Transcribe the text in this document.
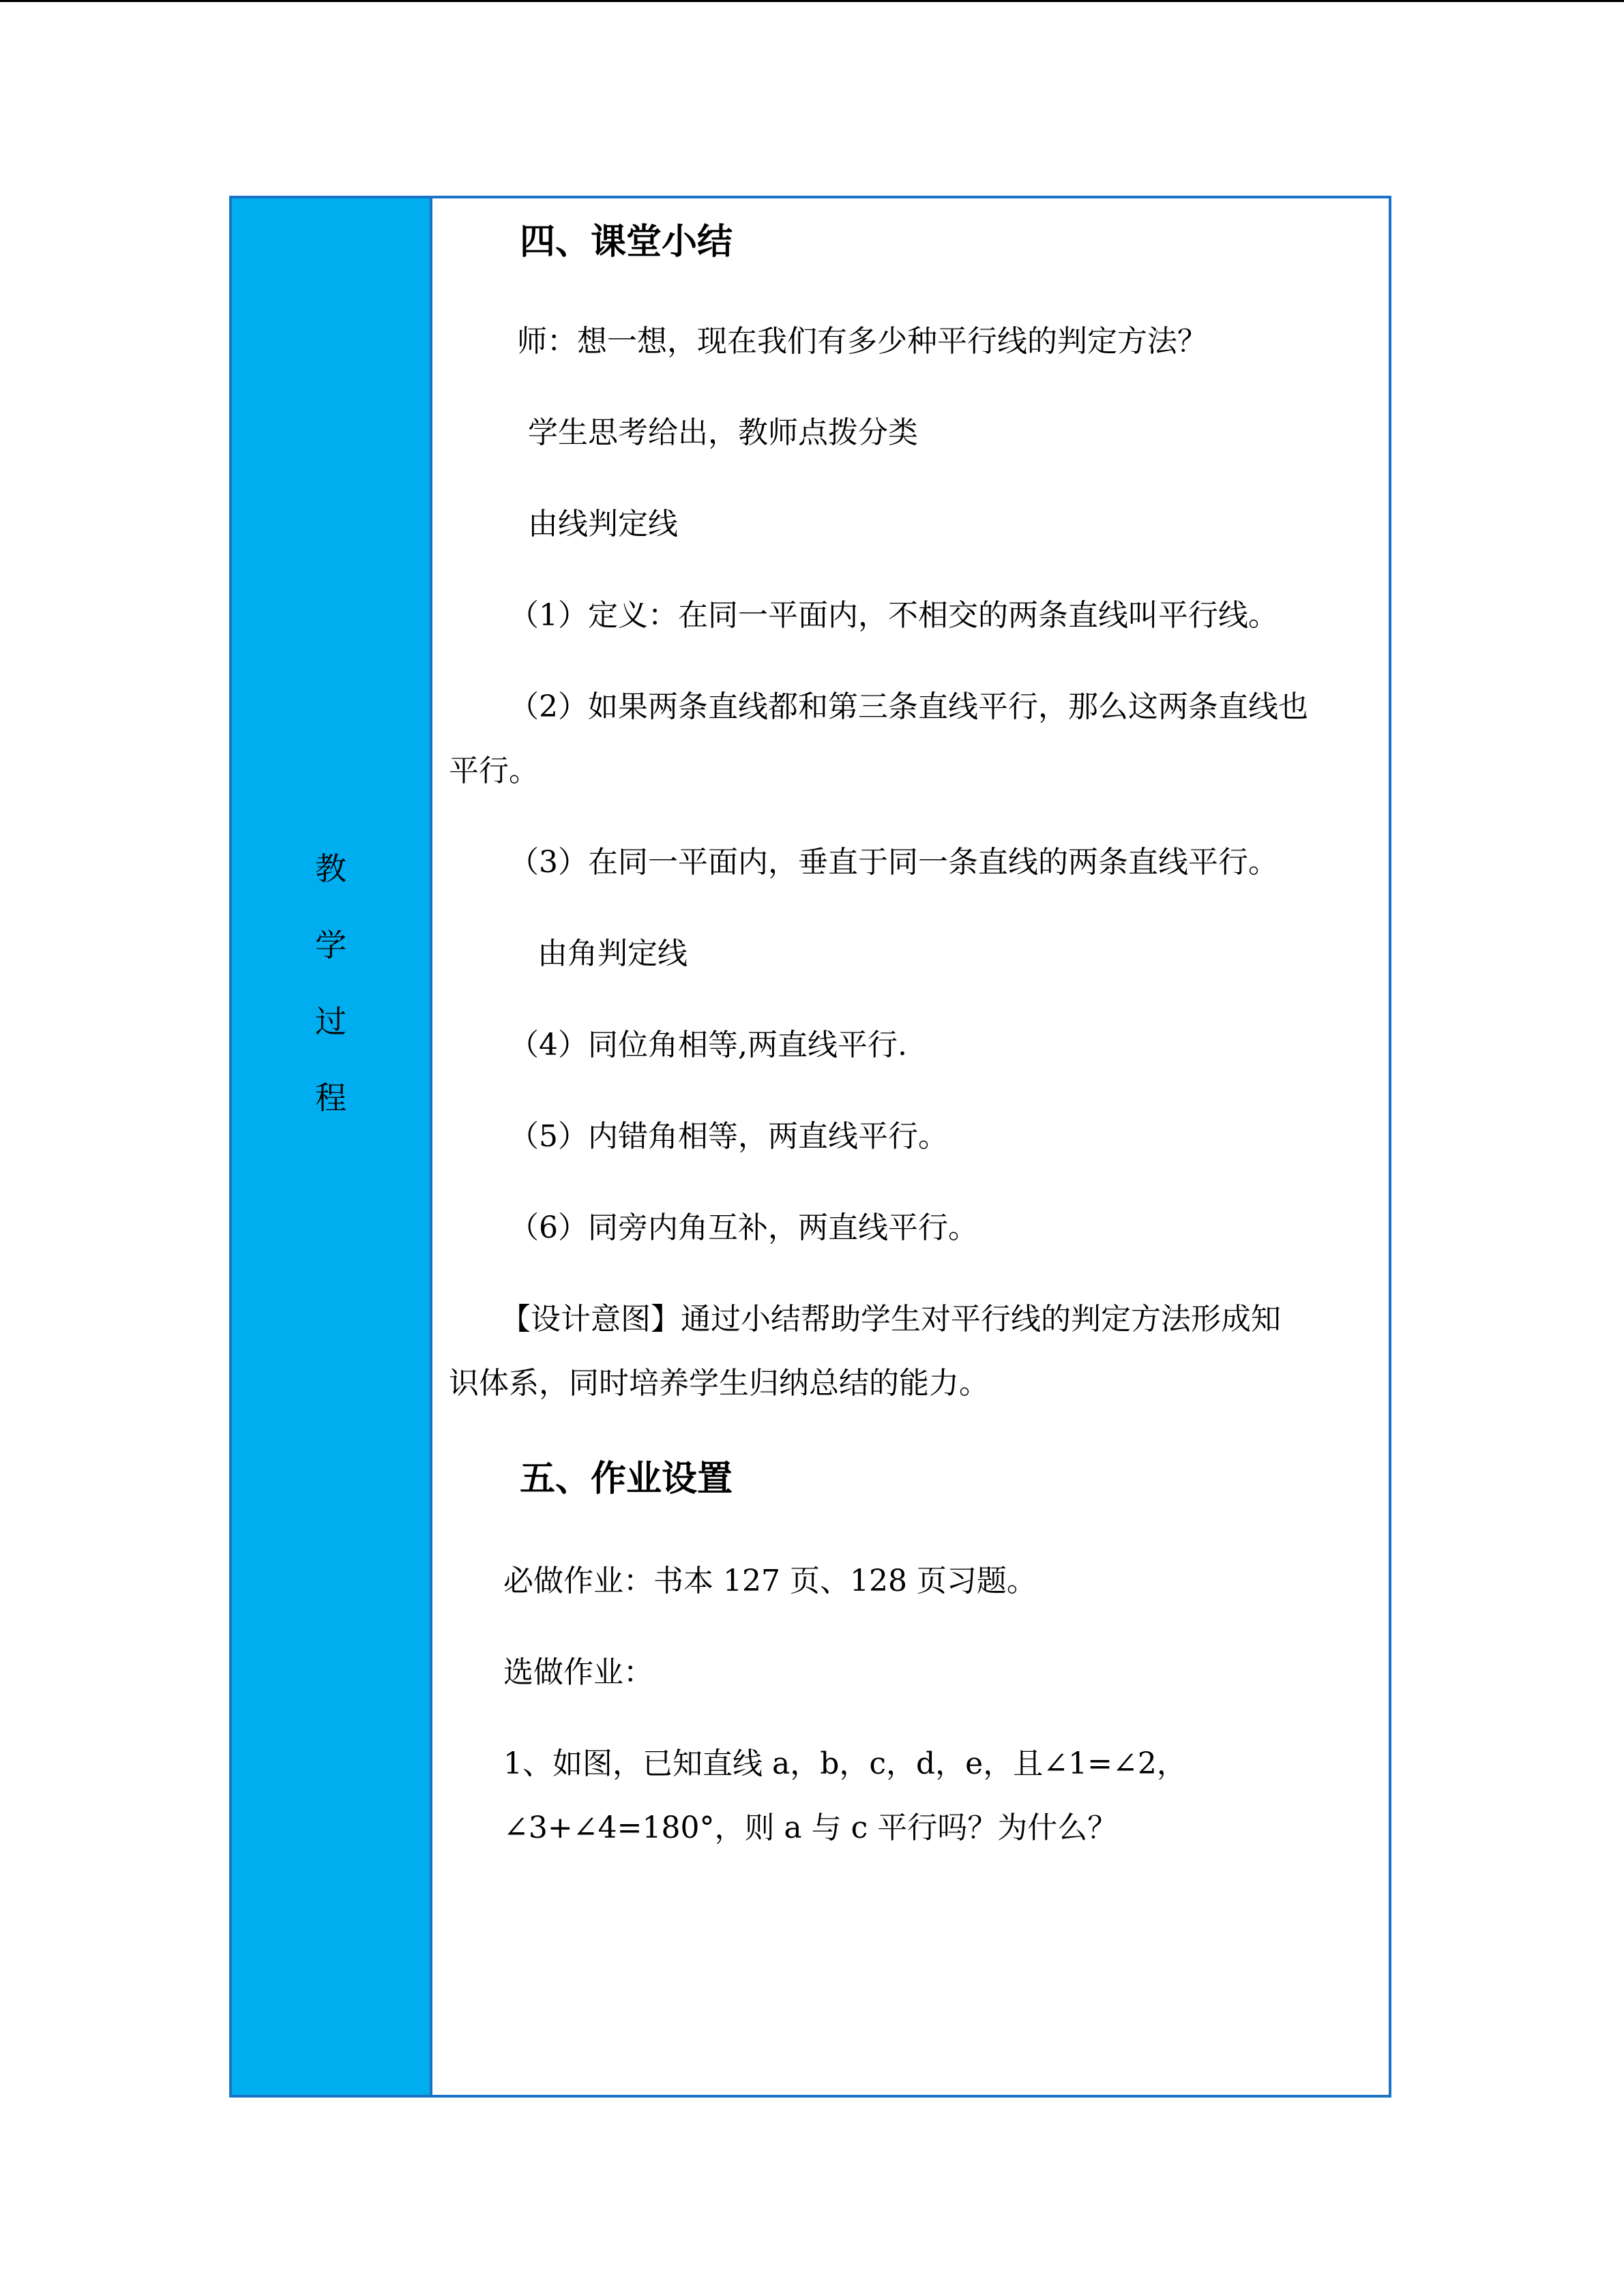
教
学
过
程
四、课堂小结
师：想一想，现在我们有多少种平行线的判定方法？
学生思考给出，教师点拨分类
由线判定线
（1）定义：在同一平面内，不相交的两条直线叫平行线。
（2）如果两条直线都和第三条直线平行，那么这两条直线也
平行。
（3）在同一平面内，垂直于同一条直线的两条直线平行。
由角判定线
（4）同位角相等,两直线平行.
（5）内错角相等，两直线平行。
（6）同旁内角互补，两直线平行。
【设计意图】通过小结帮助学生对平行线的判定方法形成知
识体系，同时培养学生归纳总结的能力。
五、作业设置
必做作业：书本 127 页、128 页习题。
选做作业：
1、如图，已知直线 a，b，c，d，e，且∠1=∠2，
∠3+∠4=180°，则 a 与 c 平行吗？为什么？
